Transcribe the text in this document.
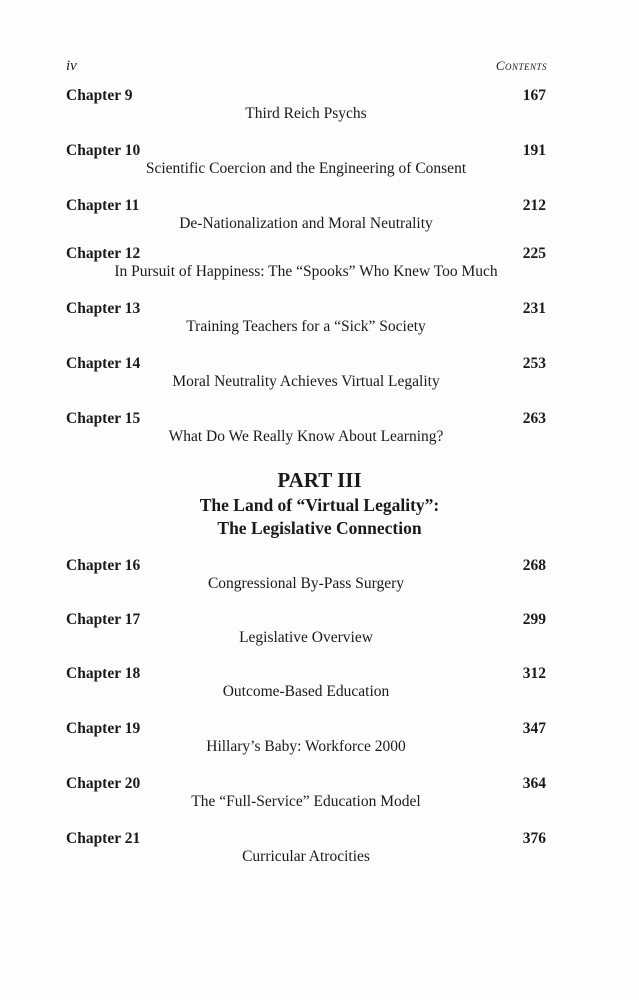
iv	Contents
Chapter 9	167
Third Reich Psychs
Chapter 10	191
Scientific Coercion and the Engineering of Consent
Chapter 11	212
De-Nationalization and Moral Neutrality
Chapter 12	225
In Pursuit of Happiness: The “Spooks” Who Knew Too Much
Chapter 13	231
Training Teachers for a “Sick” Society
Chapter 14	253
Moral Neutrality Achieves Virtual Legality
Chapter 15	263
What Do We Really Know About Learning?
PART III
The Land of “Virtual Legality”:
The Legislative Connection
Chapter 16	268
Congressional By-Pass Surgery
Chapter 17	299
Legislative Overview
Chapter 18	312
Outcome-Based Education
Chapter 19	347
Hillary’s Baby: Workforce 2000
Chapter 20	364
The “Full-Service” Education Model
Chapter 21	376
Curricular Atrocities
